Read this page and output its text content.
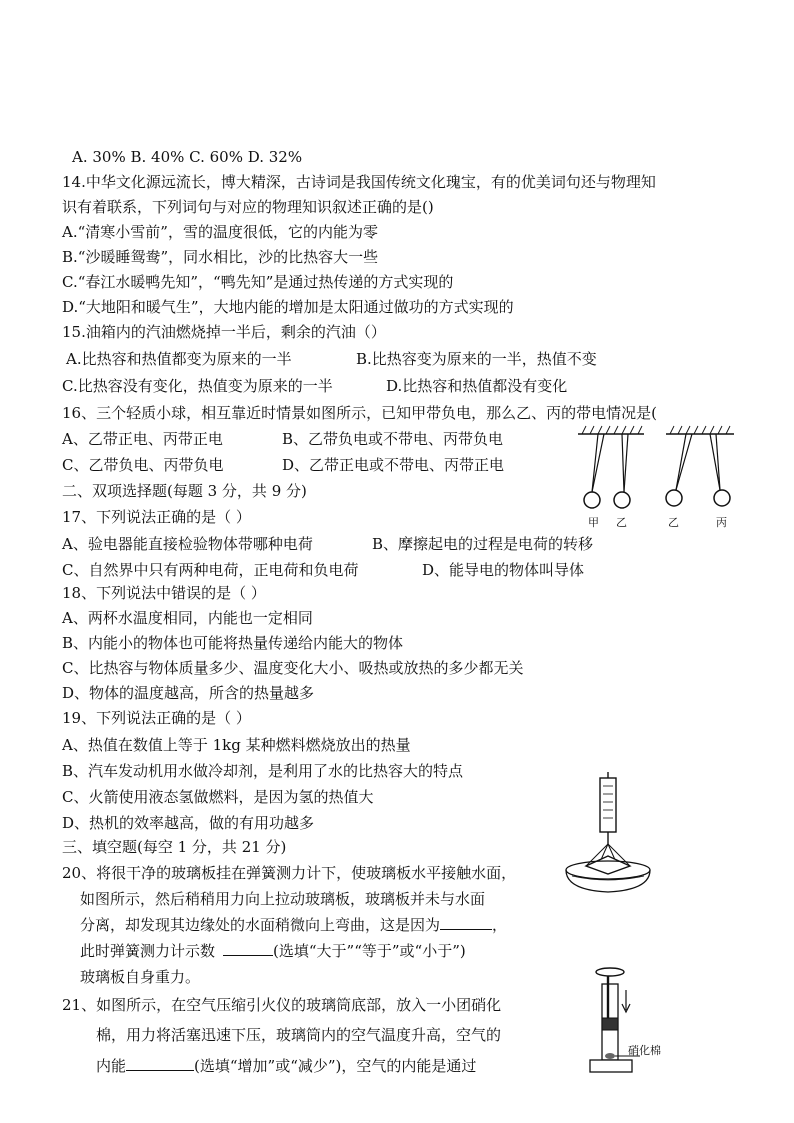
A. 30% B. 40% C. 60% D. 32%
14.中华文化源远流长，博大精深，古诗词是我国传统文化瑰宝，有的优美词句还与物理知
识有着联系，下列词句与对应的物理知识叙述正确的是()
A.“清寒小雪前”，雪的温度很低，它的内能为零
B.“沙暖睡鸳鸯”，同水相比，沙的比热容大一些
C.“春江水暖鸭先知”，“鸭先知”是通过热传递的方式实现的
D.“大地阳和暖气生”，大地内能的增加是太阳通过做功的方式实现的
15.油箱内的汽油燃烧掉一半后，剩余的汽油（）
A.比热容和热值都变为原来的一半	B.比热容变为原来的一半，热值不变
C.比热容没有变化，热值变为原来的一半	D.比热容和热值都没有变化
16、三个轻质小球，相互靠近时情景如图所示，已知甲带负电，那么乙、丙的带电情况是(
A、乙带正电、丙带正电	B、乙带负电或不带电、丙带负电
C、乙带负电、丙带负电	D、乙带正电或不带电、丙带正电
二、双项选择题(每题 3 分，共 9 分)
17、下列说法正确的是（ ）
A、验电器能直接检验物体带哪种电荷	B、摩擦起电的过程是电荷的转移
C、自然界中只有两种电荷，正电荷和负电荷	D、能导电的物体叫导体
18、下列说法中错误的是（ ）
A、两杯水温度相同，内能也一定相同
B、内能小的物体也可能将热量传递给内能大的物体
C、比热容与物体质量多少、温度变化大小、吸热或放热的多少都无关
D、物体的温度越高，所含的热量越多
19、下列说法正确的是（ ）
A、热值在数值上等于 1kg 某种燃料燃烧放出的热量
B、汽车发动机用水做冷却剂，是利用了水的比热容大的特点
C、火箭使用液态氢做燃料，是因为氢的热值大
D、热机的效率越高，做的有用功越多
三、填空题(每空 1 分，共 21 分)
20、将很干净的玻璃板挂在弹簧测力计下，使玻璃板水平接触水面，
如图所示，然后稍稍用力向上拉动玻璃板，玻璃板并未与水面
分离，却发现其边缘处的水面稍微向上弯曲，这是因为	，
此时弹簧测力计示数	(选填“大于”“等于”或“小于”)
玻璃板自身重力。
21、如图所示，在空气压缩引火仪的玻璃筒底部，放入一小团硝化
棉，用力将活塞迅速下压，玻璃筒内的空气温度升高，空气的
内能	(选填“增加”或“减少”)，空气的内能是通过
甲 乙	乙	丙
硝化棉
